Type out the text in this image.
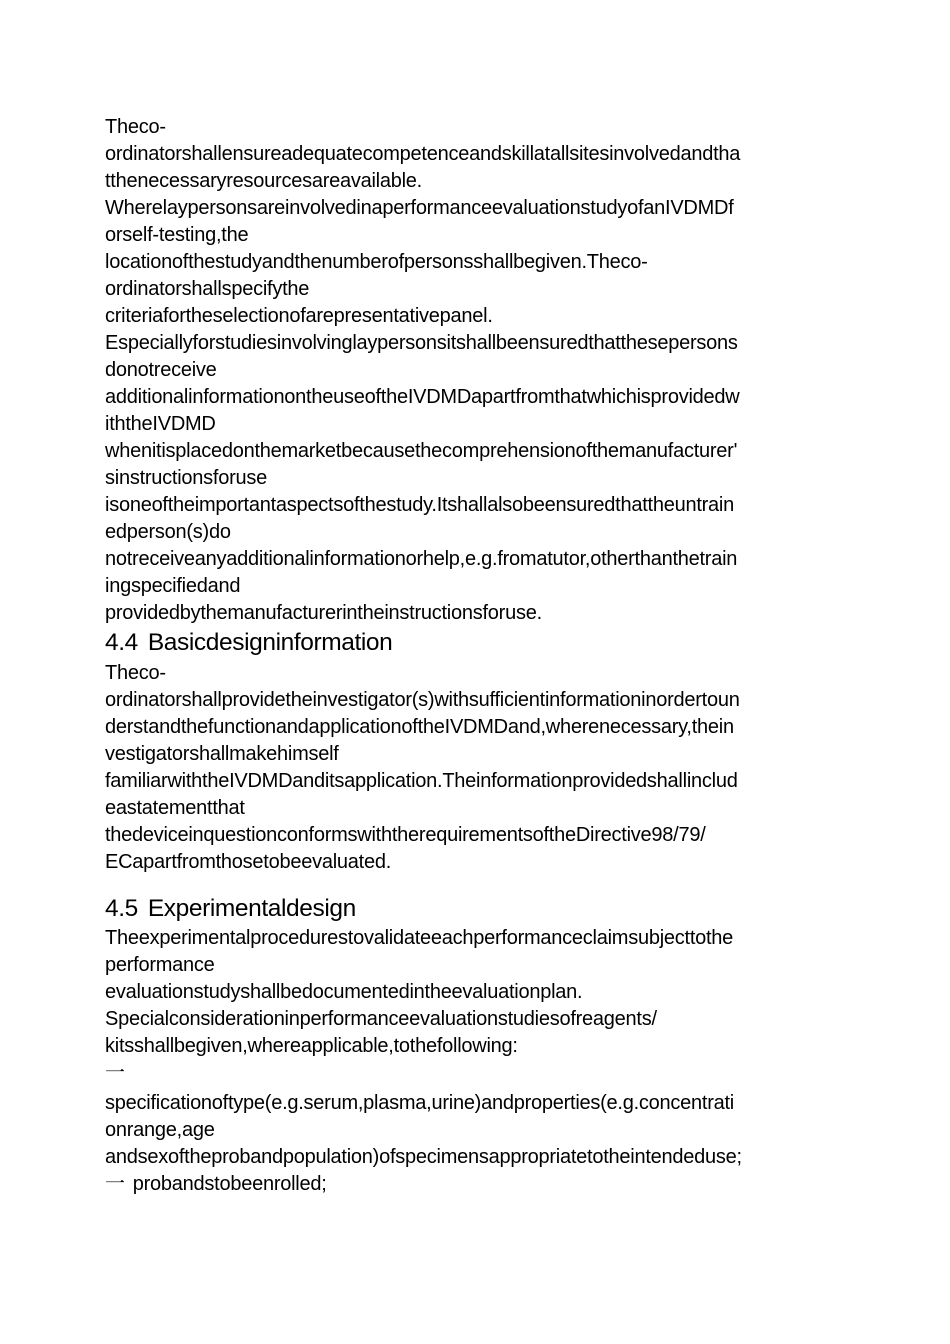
Theco-
ordinatorshallensureadequatecompetenceandskillatallsitesinvolvedandtha
tthenecessaryresourcesareavailable.
WherelaypersonsareinvolvedinaperformanceevaluationstudyofanIVDMDf
orself-testing,the
locationofthestudyandthenumberofpersonsshallbegiven.Theco-
ordinatorshallspecifythe
criteriafortheselectionofarepresentativepanel.
Especiallyforstudiesinvolvinglaypersonsitshallbeensuredthatthesepersons
donotreceive
additionalinformationontheuseoftheIVDMDapartfromthatwhichisprovidedw
iththeIVDMD
whenitisplacedonthemarketbecausethecomprehensionofthemanufacturer'
sinstructionsforuse
isoneoftheimportantaspectsofthestudy.Itshallalsobeensuredthattheuntrain
edperson(s)do
notreceiveanyadditionalinformationorhelp,e.g.fromatutor,otherthanthetrain
ingspecifiedand
providedbythemanufacturerintheinstructionsforuse.
4.4 Basicdesigninformation
Theco-
ordinatorshallprovidetheinvestigator(s)withsufficientinformationinordertoun
derstandthefunctionandapplicationoftheIVDMDand,wherenecessary,thein
vestigatorshallmakehimself
familiarwiththeIVDMDanditsapplication.Theinformationprovidedshallinclud
eastatementthat
thedeviceinquestionconformswiththerequirementsoftheDirective98/79/
ECapartfromthosetobeevaluated.
4.5 Experimentaldesign
Theexperimentalprocedurestovalidateeachperformanceclaimsubjecttothe
performance
evaluationstudyshallbedocumentedintheevaluationplan.
Specialconsiderationinperformanceevaluationstudiesofreagents/
kitsshallbegiven,whereapplicable,tothefollowing:
一
specificationoftype(e.g.serum,plasma,urine)andproperties(e.g.concentrati
onrange,age
andsexoftheprobandpopulation)ofspecimensappropriatetotheintendeduse;
一 probandstobeenrolled;
